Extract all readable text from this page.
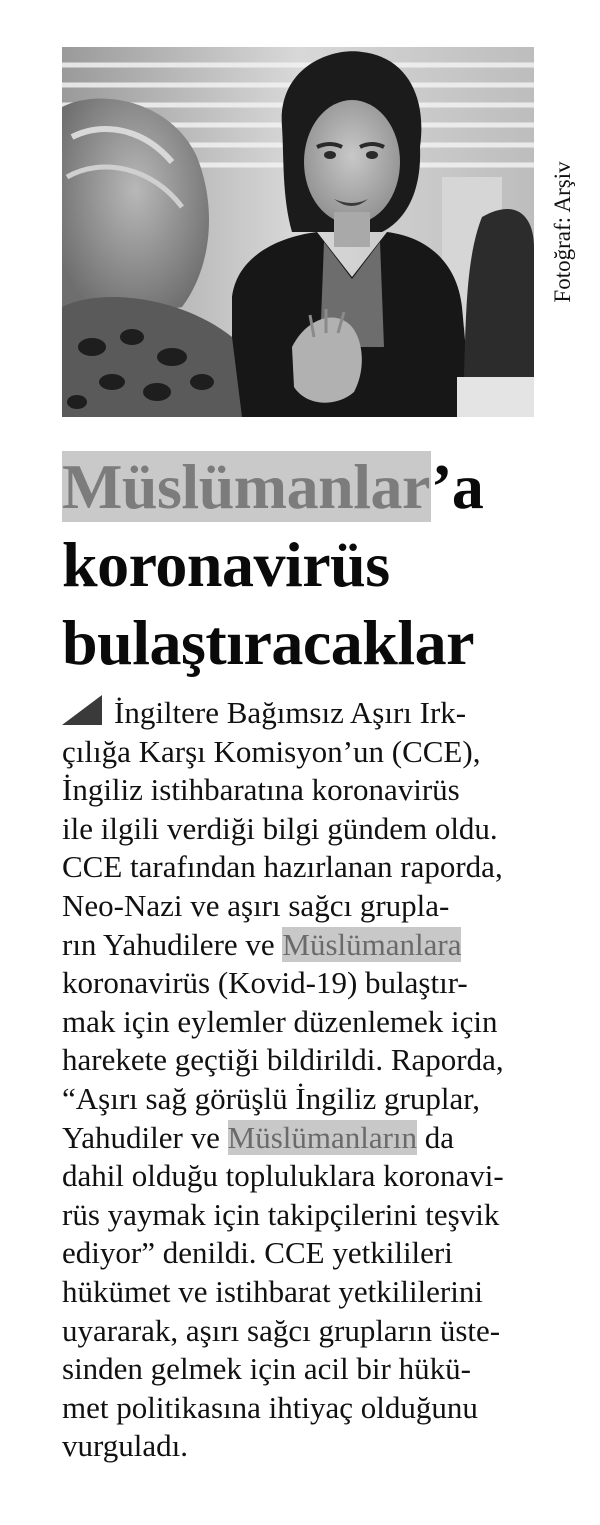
Fotoğraf: Arşiv
Müslümanlar’a
koronavirüs
bulaştıracaklar
İngiltere Bağımsız Aşırı Irk-
çılığa Karşı Komisyon’un (CCE),
İngiliz istihbaratına koronavirüs
ile ilgili verdiği bilgi gündem oldu.
CCE tarafından hazırlanan raporda,
Neo-Nazi ve aşırı sağcı grupla-
rın Yahudilere ve Müslümanlara
koronavirüs (Kovid-19) bulaştır-
mak için eylemler düzenlemek için
harekete geçtiği bildirildi. Raporda,
“Aşırı sağ görüşlü İngiliz gruplar,
Yahudiler ve Müslümanların da
dahil olduğu topluluklara koronavi-
rüs yaymak için takipçilerini teşvik
ediyor” denildi. CCE yetkilileri
hükümet ve istihbarat yetkililerini
uyararak, aşırı sağcı grupların üste-
sinden gelmek için acil bir hükü-
met politikasına ihtiyaç olduğunu
vurguladı.
